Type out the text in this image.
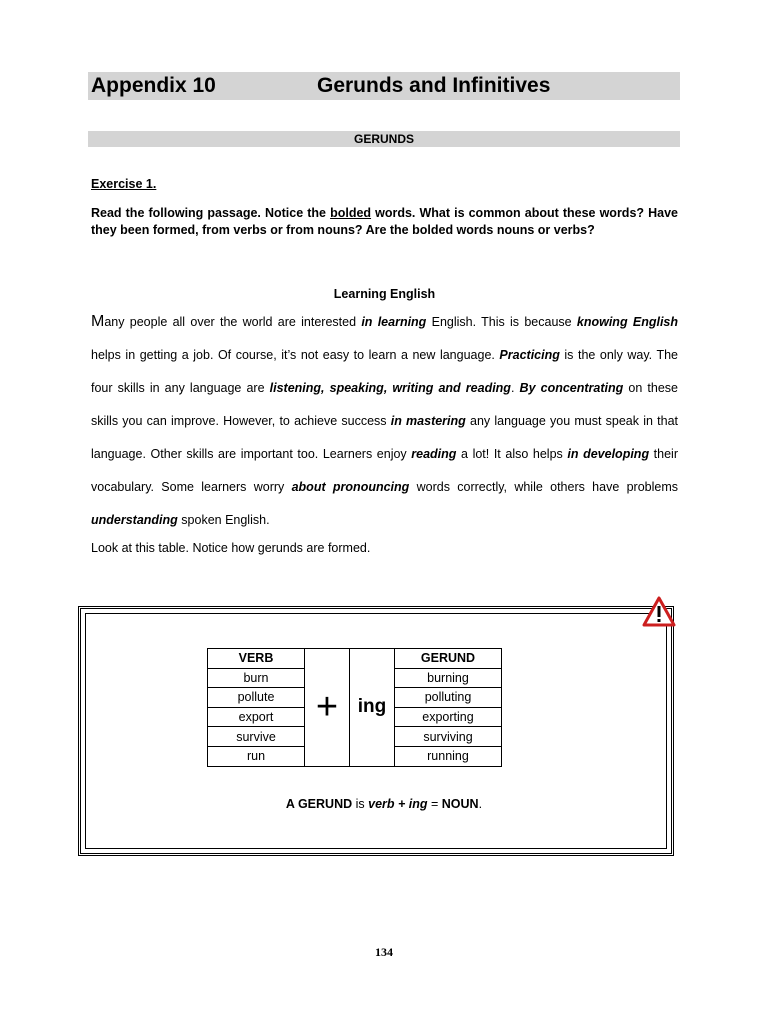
Appendix 10	Gerunds and Infinitives
GERUNDS
Exercise 1.
Read the following passage. Notice the bolded words. What is common about these words? Have they been formed, from verbs or from nouns? Are the bolded words nouns or verbs?
Learning English
Many people all over the world are interested in learning English. This is because knowing English helps in getting a job. Of course, it’s not easy to learn a new language. Practicing is the only way. The four skills in any language are listening, speaking, writing and reading. By concentrating on these skills you can improve. However, to achieve success in mastering any language you must speak in that language. Other skills are important too. Learners enjoy reading a lot! It also helps in developing their vocabulary. Some learners worry about pronouncing words correctly, while others have problems understanding spoken English.
Look at this table. Notice how gerunds are formed.
VERB	+	ing	GERUND
burn			burning
pollute			polluting
export			exporting
survive			surviving
run			running
A GERUND is verb + ing = NOUN.
134
